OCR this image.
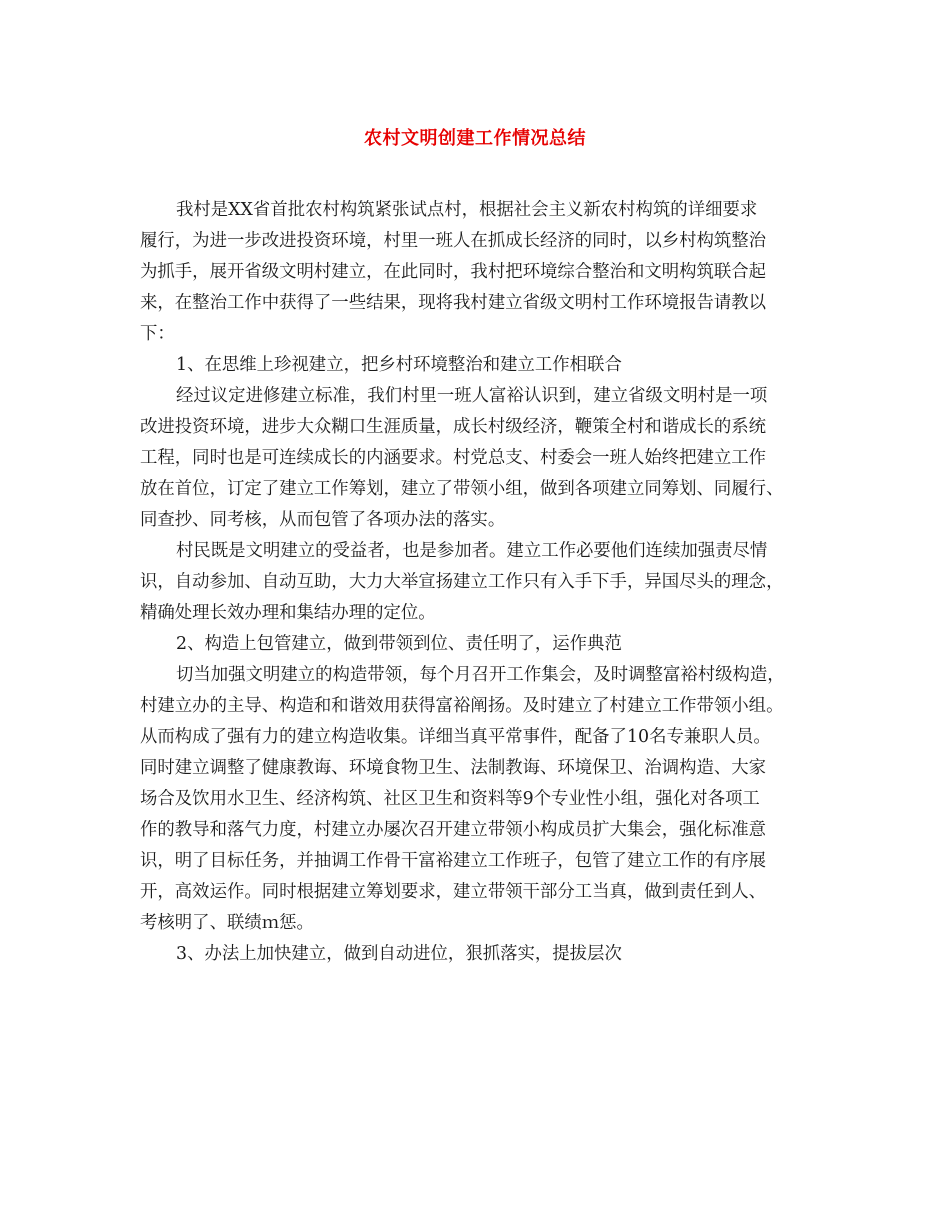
农村文明创建工作情况总结
我村是XX省首批农村构筑紧张试点村，根据社会主义新农村构筑的详细要求
履行，为进一步改进投资环境，村里一班人在抓成长经济的同时，以乡村构筑整治
为抓手，展开省级文明村建立，在此同时，我村把环境综合整治和文明构筑联合起
来，在整治工作中获得了一些结果，现将我村建立省级文明村工作环境报告请教以
下：
1、在思维上珍视建立，把乡村环境整治和建立工作相联合
经过议定进修建立标准，我们村里一班人富裕认识到，建立省级文明村是一项
改进投资环境，进步大众糊口生涯质量，成长村级经济，鞭策全村和谐成长的系统
工程，同时也是可连续成长的内涵要求。村党总支、村委会一班人始终把建立工作
放在首位，订定了建立工作筹划，建立了带领小组，做到各项建立同筹划、同履行、
同查抄、同考核，从而包管了各项办法的落实。
村民既是文明建立的受益者，也是参加者。建立工作必要他们连续加强责尽情
识，自动参加、自动互助，大力大举宣扬建立工作只有入手下手，异国尽头的理念，
精确处理长效办理和集结办理的定位。
2、构造上包管建立，做到带领到位、责任明了，运作典范
切当加强文明建立的构造带领，每个月召开工作集会，及时调整富裕村级构造，
村建立办的主导、构造和和谐效用获得富裕阐扬。及时建立了村建立工作带领小组。
从而构成了强有力的建立构造收集。详细当真平常事件，配备了10名专兼职人员。
同时建立调整了健康教诲、环境食物卫生、法制教诲、环境保卫、治调构造、大家
场合及饮用水卫生、经济构筑、社区卫生和资料等9个专业性小组，强化对各项工
作的教导和落气力度，村建立办屡次召开建立带领小构成员扩大集会，强化标准意
识，明了目标任务，并抽调工作骨干富裕建立工作班子，包管了建立工作的有序展
开，高效运作。同时根据建立筹划要求，建立带领干部分工当真，做到责任到人、
考核明了、联绩ｍ惩。
3、办法上加快建立，做到自动进位，狠抓落实，提拔层次
